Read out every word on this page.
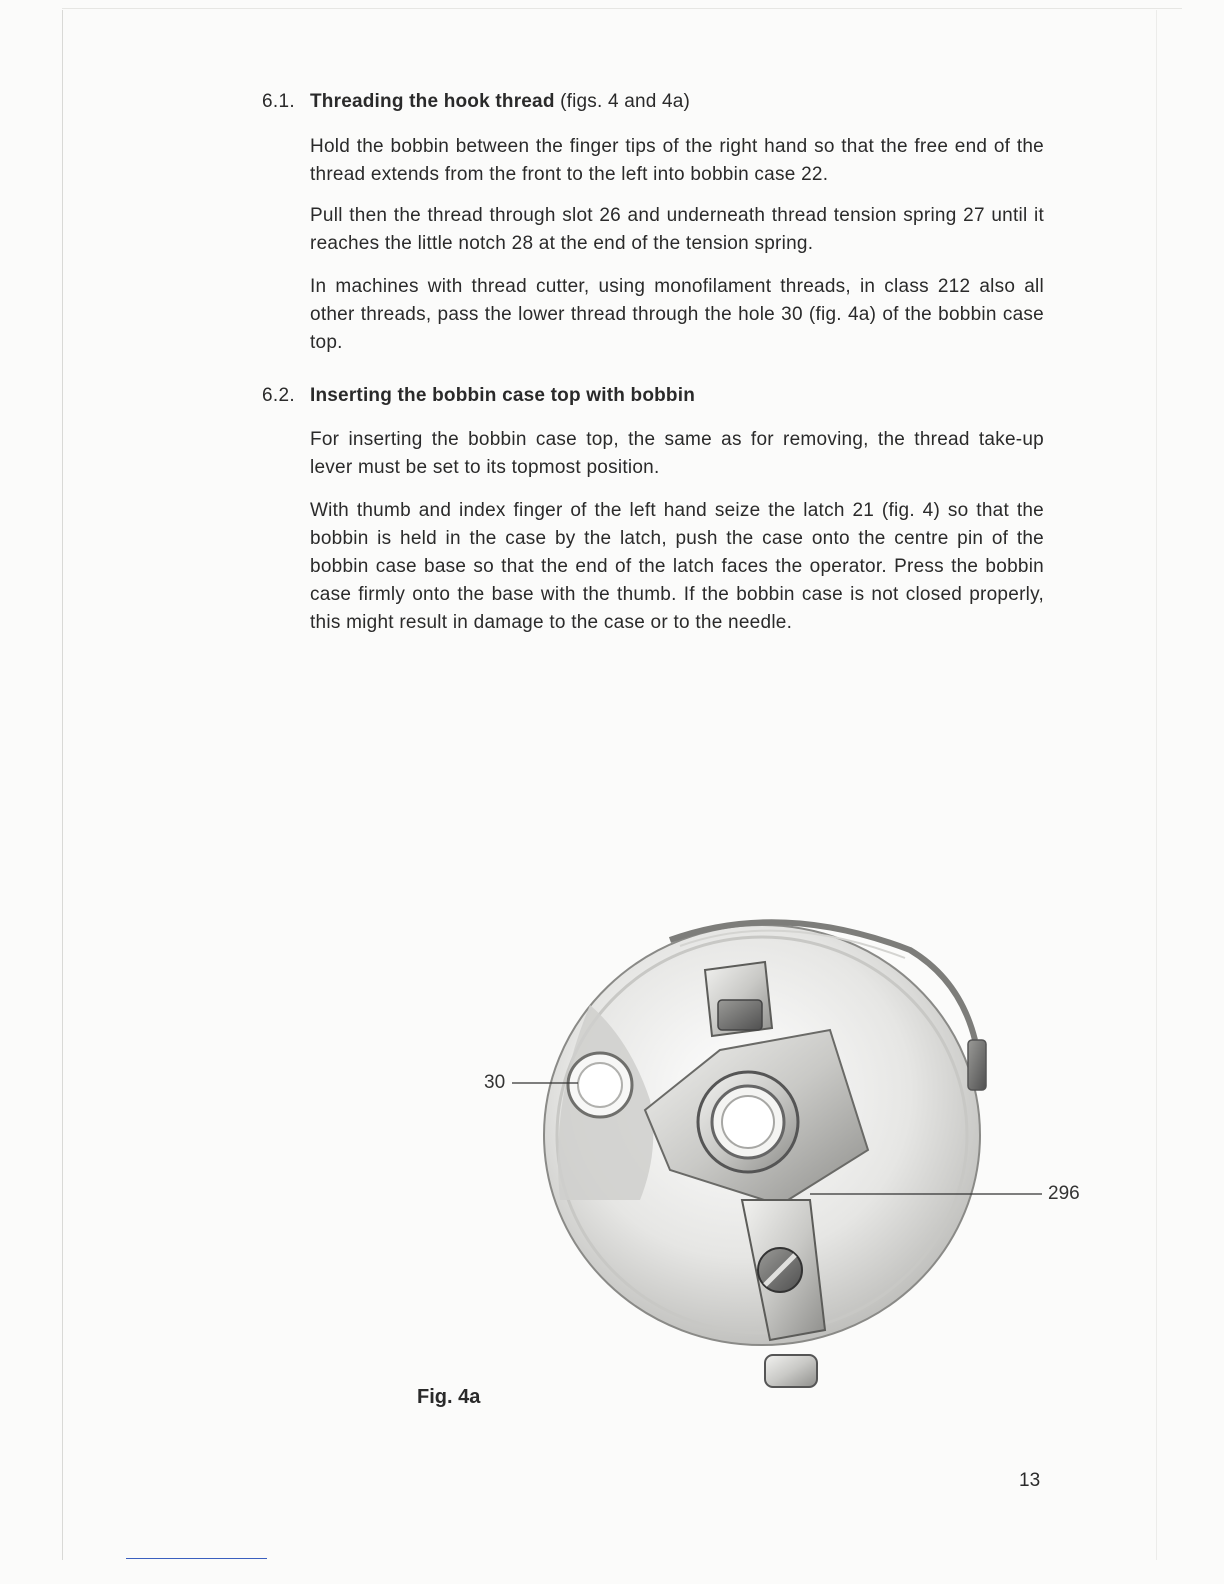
6.1. Threading the hook thread (figs. 4 and 4a)

Hold the bobbin between the finger tips of the right hand so that the free end of the thread extends from the front to the left into bobbin case 22.

Pull then the thread through slot 26 and underneath thread tension spring 27 until it reaches the little notch 28 at the end of the tension spring.

In machines with thread cutter, using monofilament threads, in class 212 also all other threads, pass the lower thread through the hole 30 (fig. 4a) of the bobbin case top.

6.2. Inserting the bobbin case top with bobbin

For inserting the bobbin case top, the same as for removing, the thread take-up lever must be set to its topmost position.

With thumb and index finger of the left hand seize the latch 21 (fig. 4) so that the bobbin is held in the case by the latch, push the case onto the centre pin of the bobbin case base so that the end of the latch faces the operator. Press the bobbin case firmly onto the base with the thumb. If the bobbin case is not closed properly, this might result in damage to the case or to the needle.

30
296
Fig. 4a
13
